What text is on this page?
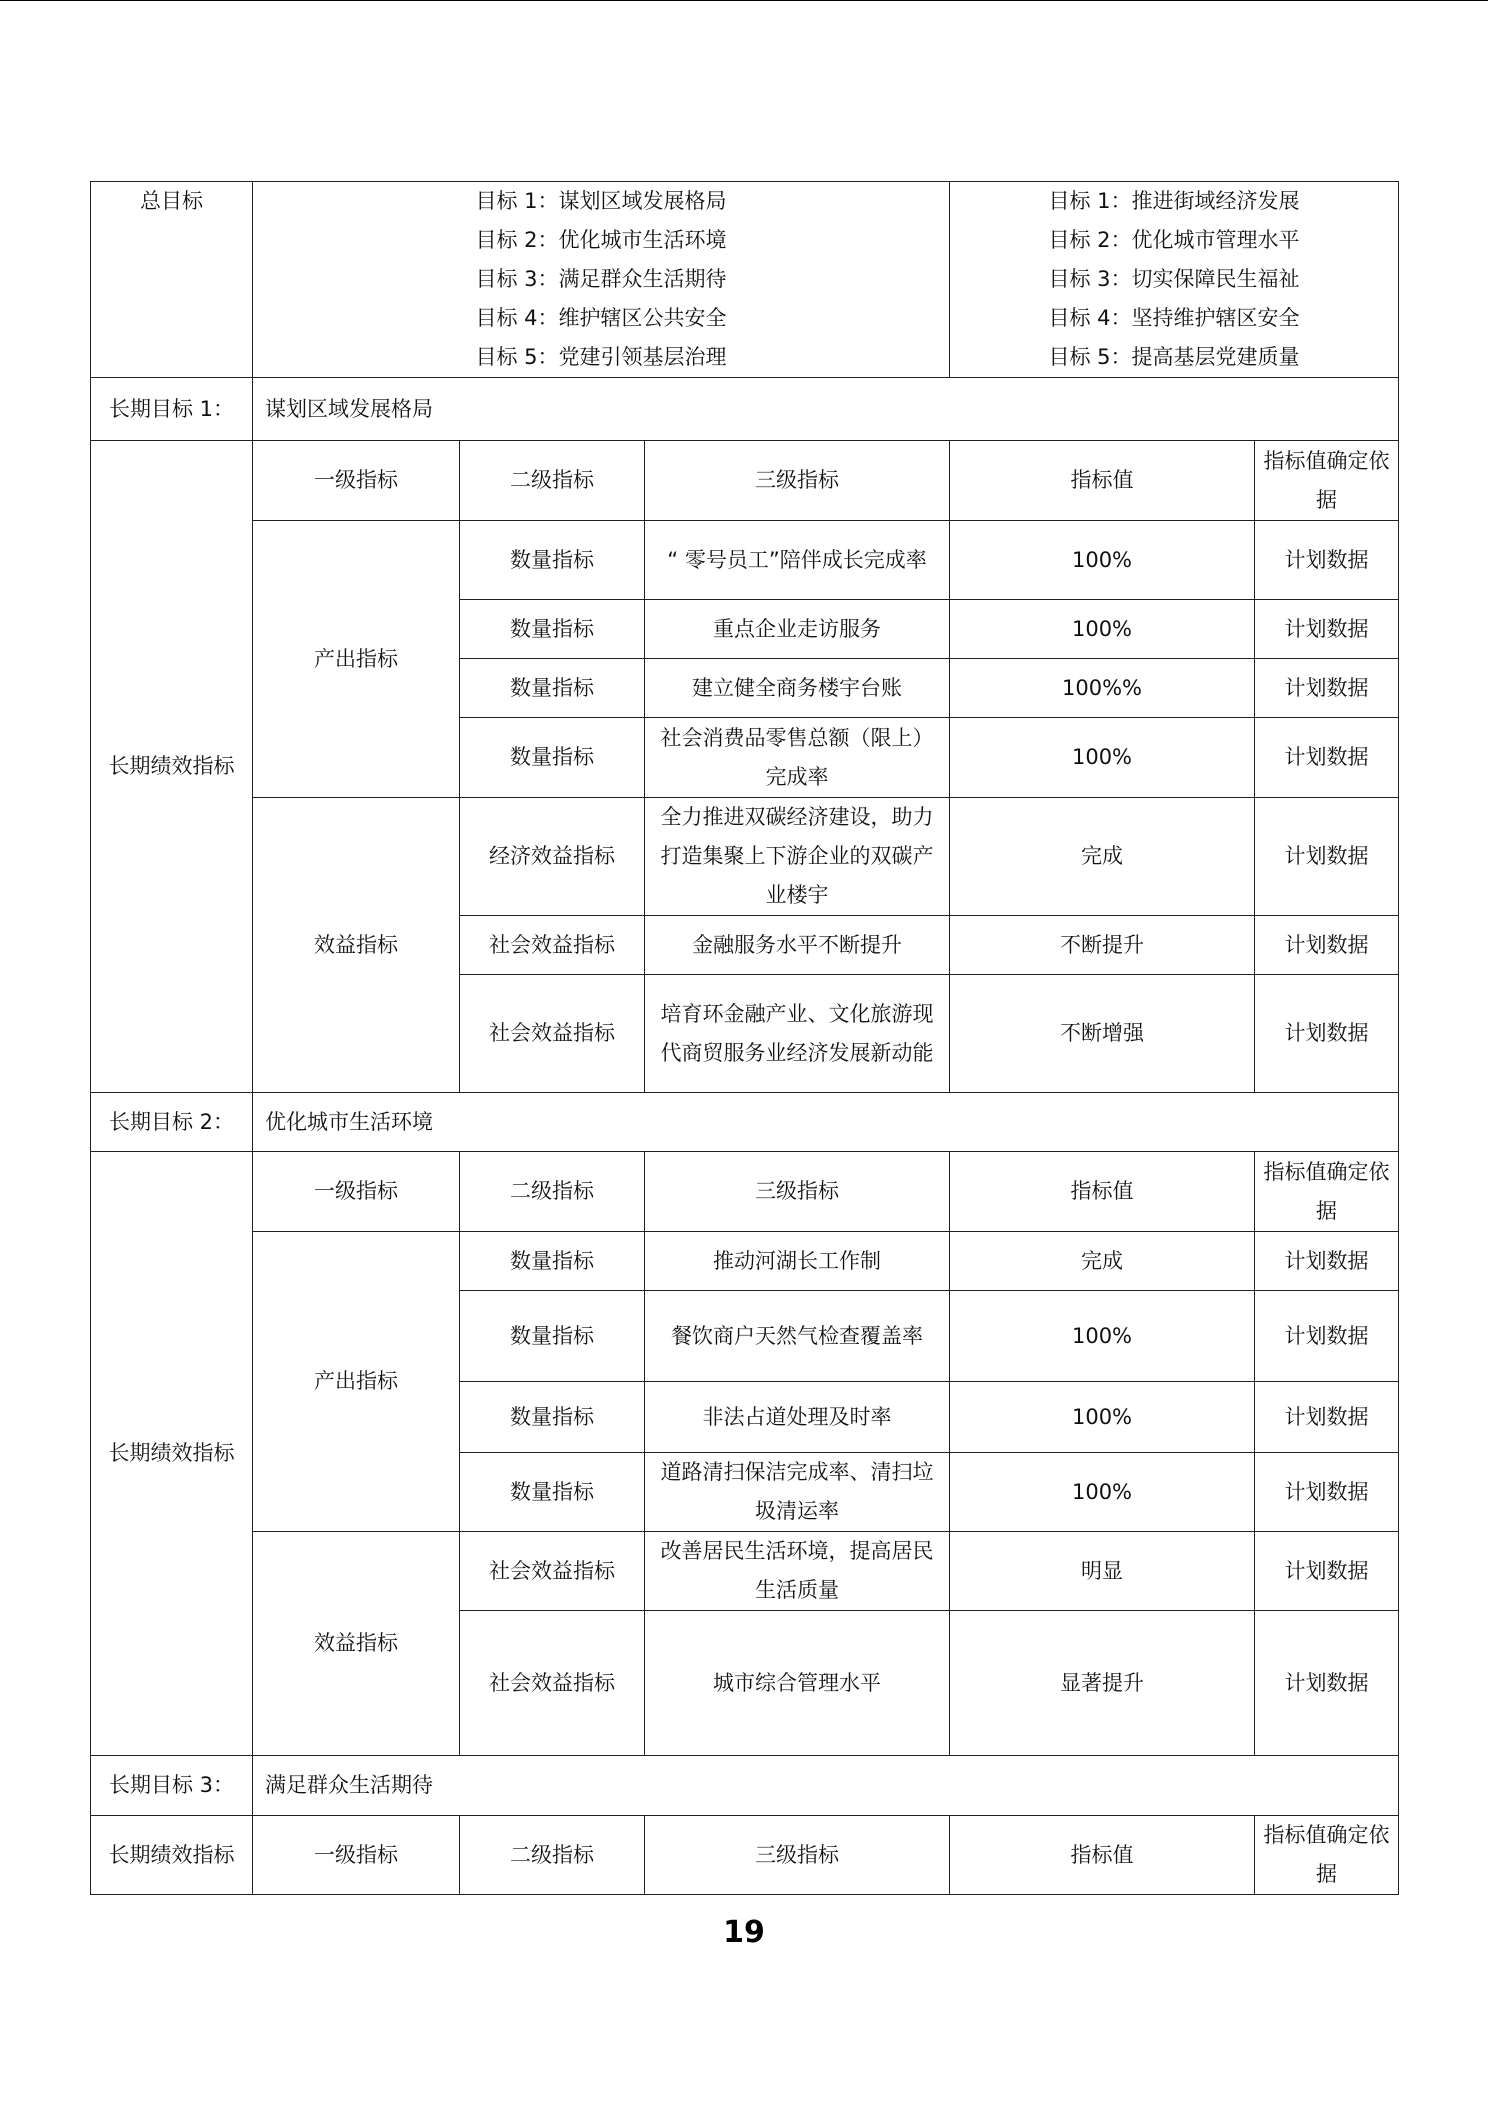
总目标	目标 1：谋划区域发展格局
目标 2：优化城市生活环境
目标 3：满足群众生活期待
目标 4：维护辖区公共安全
目标 5：党建引领基层治理			目标 1：推进街域经济发展
目标 2：优化城市管理水平
目标 3：切实保障民生福祉
目标 4：坚持维护辖区安全
目标 5：提高基层党建质量	

长期目标 1：	谋划区域发展格局				
长期绩效指标	一级指标	二级指标	三级指标	指标值	指标值确定依据
	产出指标	数量指标	“ 零号员工”陪伴成长完成率	100%	计划数据
		数量指标	重点企业走访服务	100%	计划数据
		数量指标	建立健全商务楼宇台账	100%%	计划数据
		数量指标	社会消费品零售总额（限上）完成率	100%	计划数据
	效益指标	经济效益指标	全力推进双碳经济建设，助力打造集聚上下游企业的双碳产业楼宇	完成	计划数据
		社会效益指标	金融服务水平不断提升	不断提升	计划数据
		社会效益指标	培育环金融产业、文化旅游现代商贸服务业经济发展新动能	不断增强	计划数据
长期目标 2：	优化城市生活环境				
长期绩效指标	一级指标	二级指标	三级指标	指标值	指标值确定依据
	产出指标	数量指标	推动河湖长工作制	完成	计划数据
		数量指标	餐饮商户天然气检查覆盖率	100%	计划数据
		数量指标	非法占道处理及时率	100%	计划数据
		数量指标	道路清扫保洁完成率、清扫垃圾清运率	100%	计划数据
	效益指标	社会效益指标	改善居民生活环境，提高居民生活质量	明显	计划数据
		社会效益指标	城市综合管理水平	显著提升	计划数据
长期目标 3：	满足群众生活期待				
长期绩效指标	一级指标	二级指标	三级指标	指标值	指标值确定依据
19
